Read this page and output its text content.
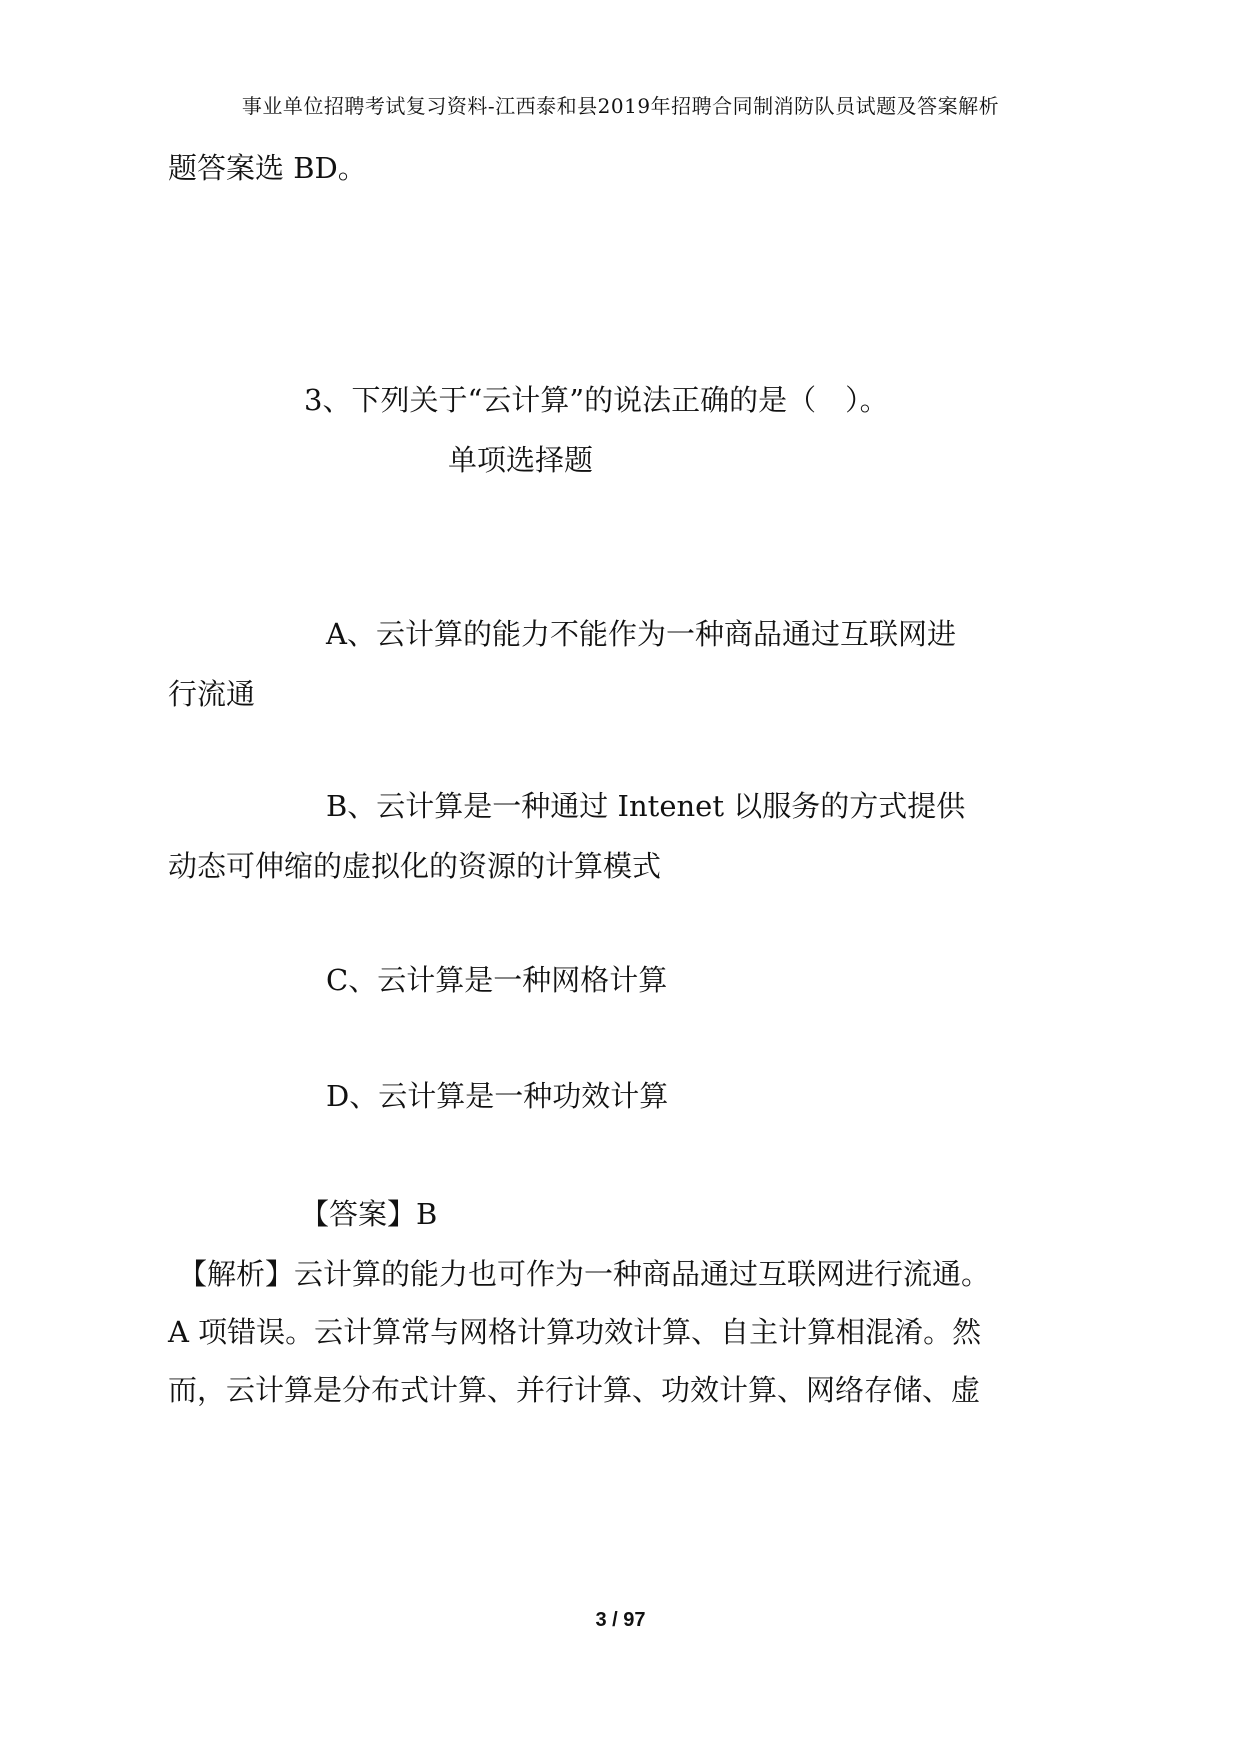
事业单位招聘考试复习资料-江西泰和县2019年招聘合同制消防队员试题及答案解析
题答案选 BD。
3、下列关于“云计算”的说法正确的是（　）。
单项选择题
A、云计算的能力不能作为一种商品通过互联网进
行流通
B、云计算是一种通过 Intenet 以服务的方式提供
动态可伸缩的虚拟化的资源的计算模式
C、云计算是一种网格计算
D、云计算是一种功效计算
【答案】B
【解析】云计算的能力也可作为一种商品通过互联网进行流通。
A 项错误。云计算常与网格计算功效计算、自主计算相混淆。然
而，云计算是分布式计算、并行计算、功效计算、网络存储、虚
3 / 97
